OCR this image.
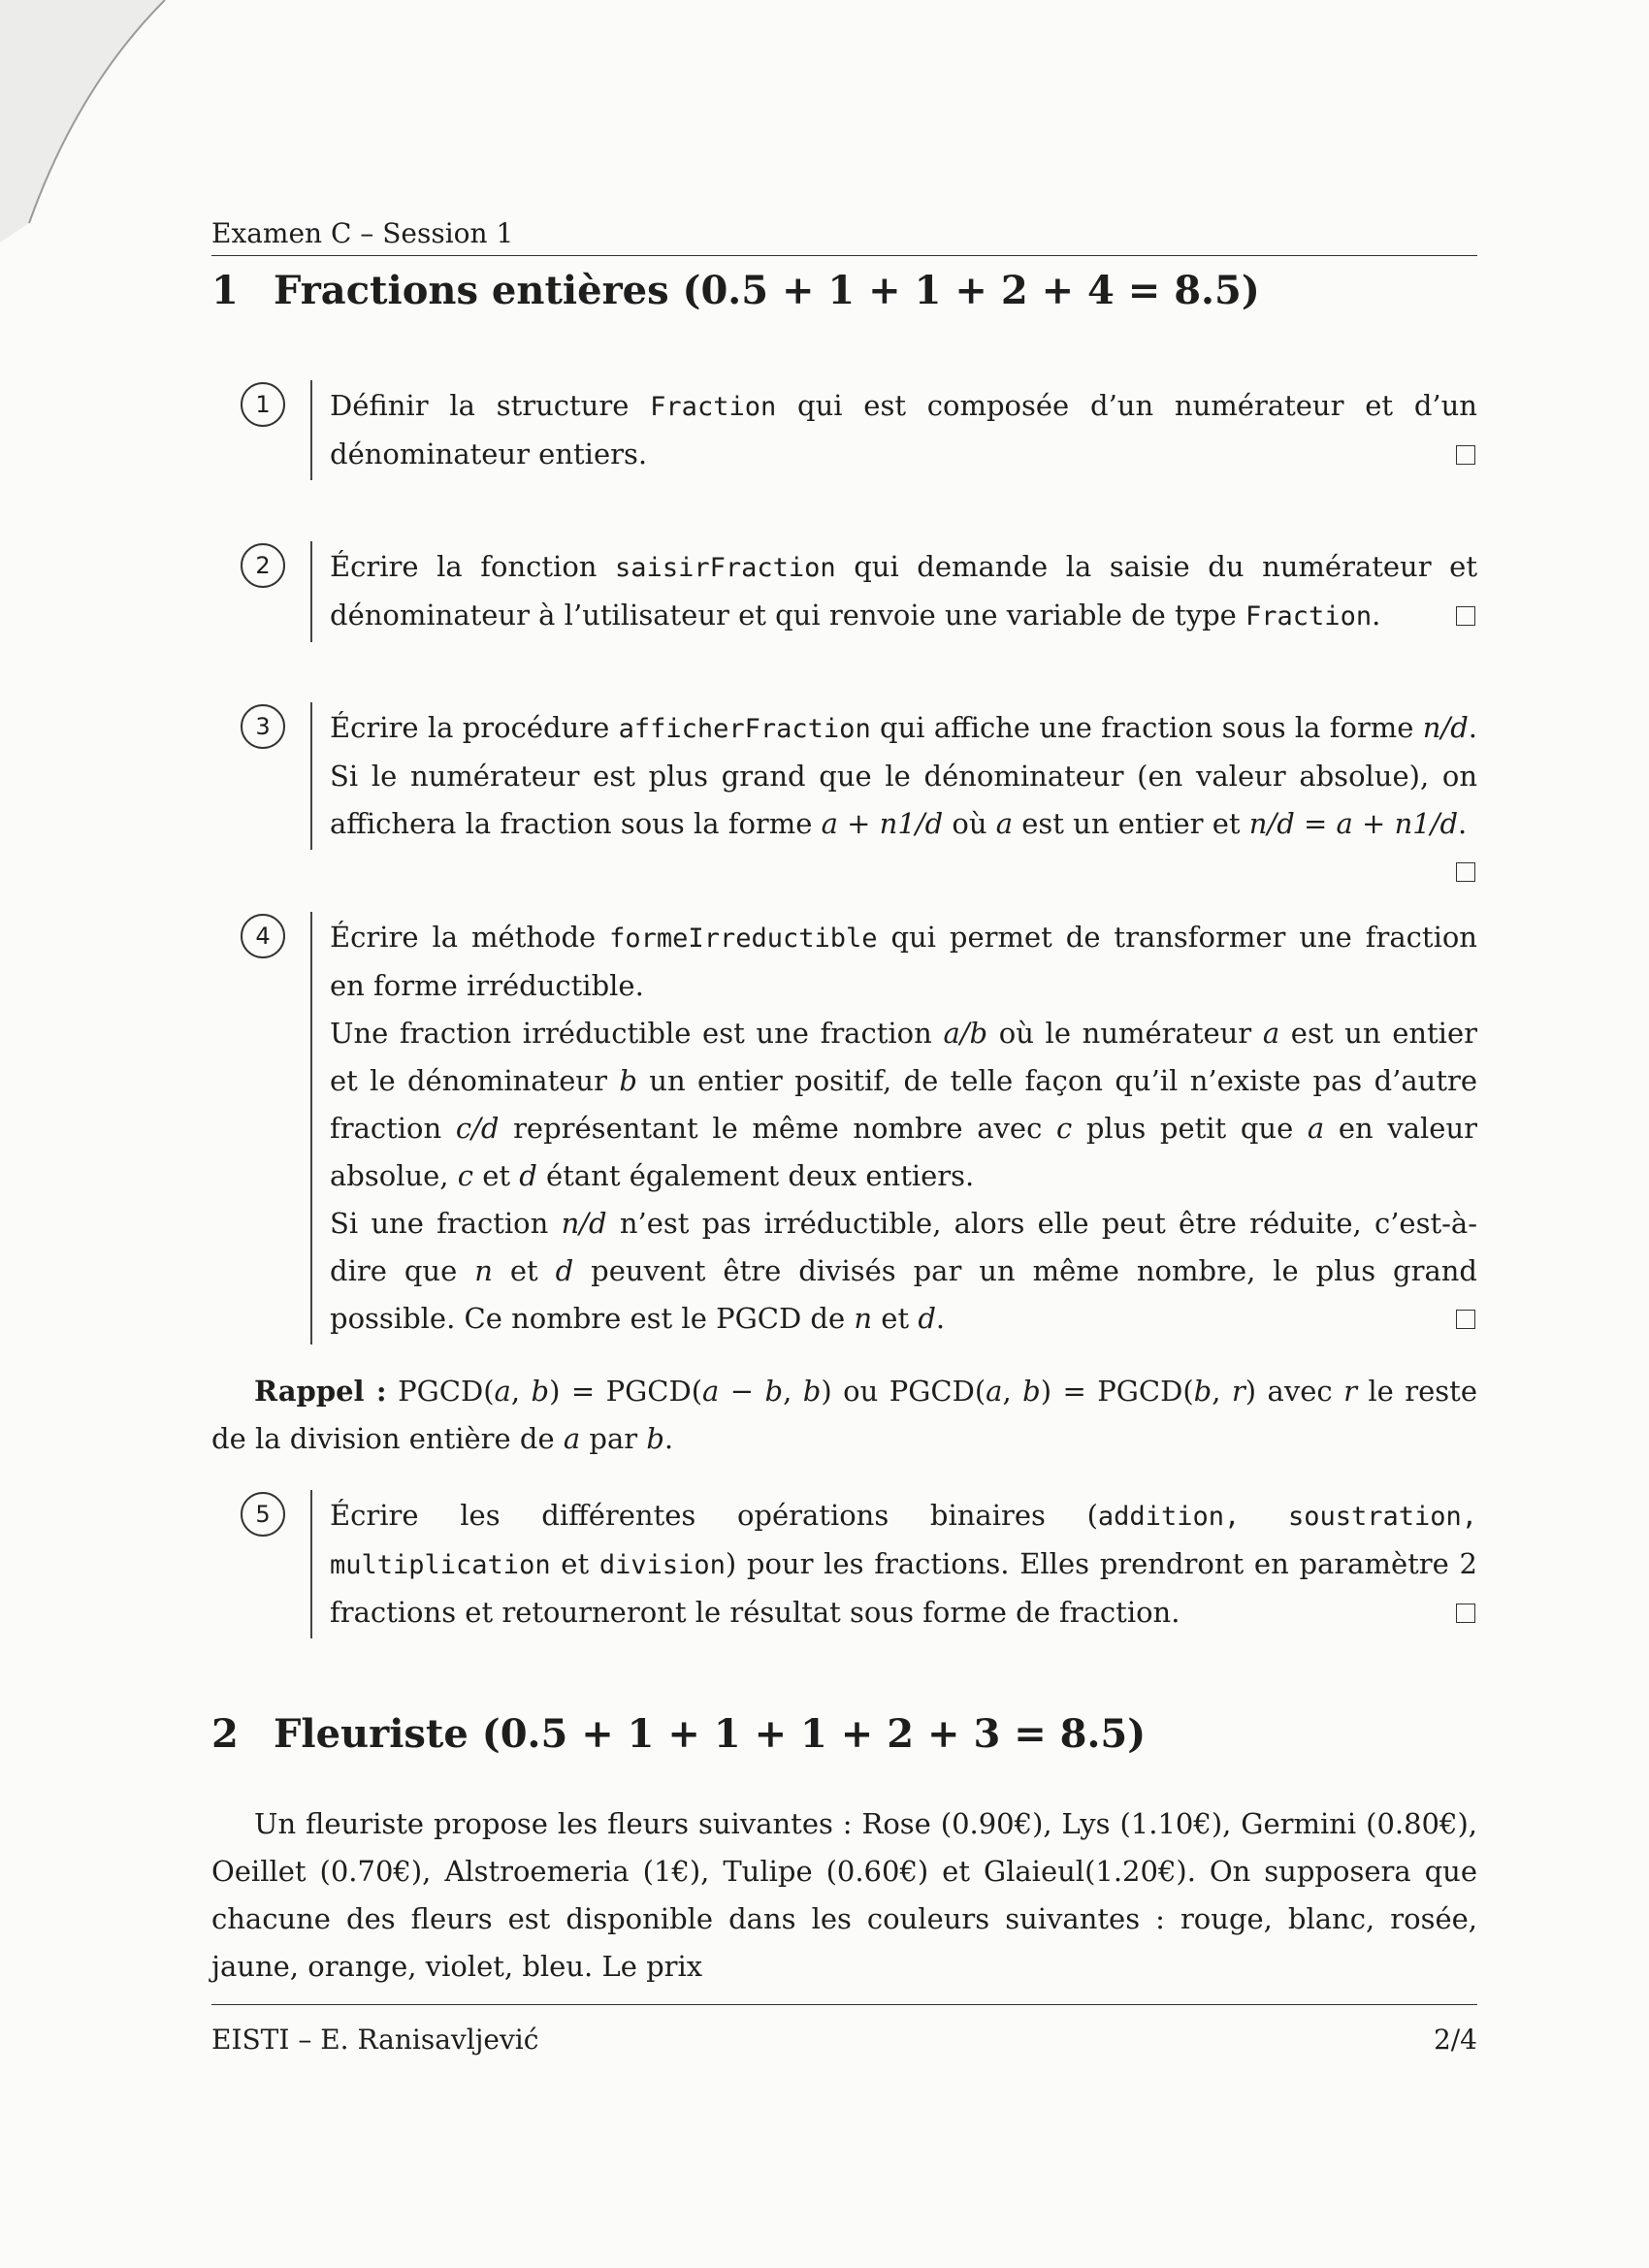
Examen C – Session 1
1 Fractions entières (0.5 + 1 + 1 + 2 + 4 = 8.5)
1	Définir la structure Fraction qui est composée d’un numérateur et d’un dénominateur entiers.
2	Écrire la fonction saisirFraction qui demande la saisie du numérateur et dénominateur à l’utilisateur et qui renvoie une variable de type Fraction.
3	Écrire la procédure afficherFraction qui affiche une fraction sous la forme n/d. Si le numérateur est plus grand que le dénominateur (en valeur absolue), on affichera la fraction sous la forme a + n1/d où a est un entier et n/d = a + n1/d.
4	Écrire la méthode formeIrreductible qui permet de transformer une fraction en forme irréductible.
Une fraction irréductible est une fraction a/b où le numérateur a est un entier et le dénominateur b un entier positif, de telle façon qu’il n’existe pas d’autre fraction c/d représentant le même nombre avec c plus petit que a en valeur absolue, c et d étant également deux entiers.
Si une fraction n/d n’est pas irréductible, alors elle peut être réduite, c’est-à-dire que n et d peuvent être divisés par un même nombre, le plus grand possible. Ce nombre est le PGCD de n et d.
Rappel : PGCD(a, b) = PGCD(a − b, b) ou PGCD(a, b) = PGCD(b, r) avec r le reste de la division entière de a par b.
5	Écrire les différentes opérations binaires (addition, soustration, multiplication et division) pour les fractions. Elles prendront en paramètre 2 fractions et retourneront le résultat sous forme de fraction.
2 Fleuriste (0.5 + 1 + 1 + 1 + 2 + 3 = 8.5)
Un fleuriste propose les fleurs suivantes : Rose (0.90€), Lys (1.10€), Germini (0.80€), Oeillet (0.70€), Alstroemeria (1€), Tulipe (0.60€) et Glaieul(1.20€). On supposera que chacune des fleurs est disponible dans les couleurs suivantes : rouge, blanc, rosée, jaune, orange, violet, bleu. Le prix
EISTI – E. Ranisavljević	2/4
